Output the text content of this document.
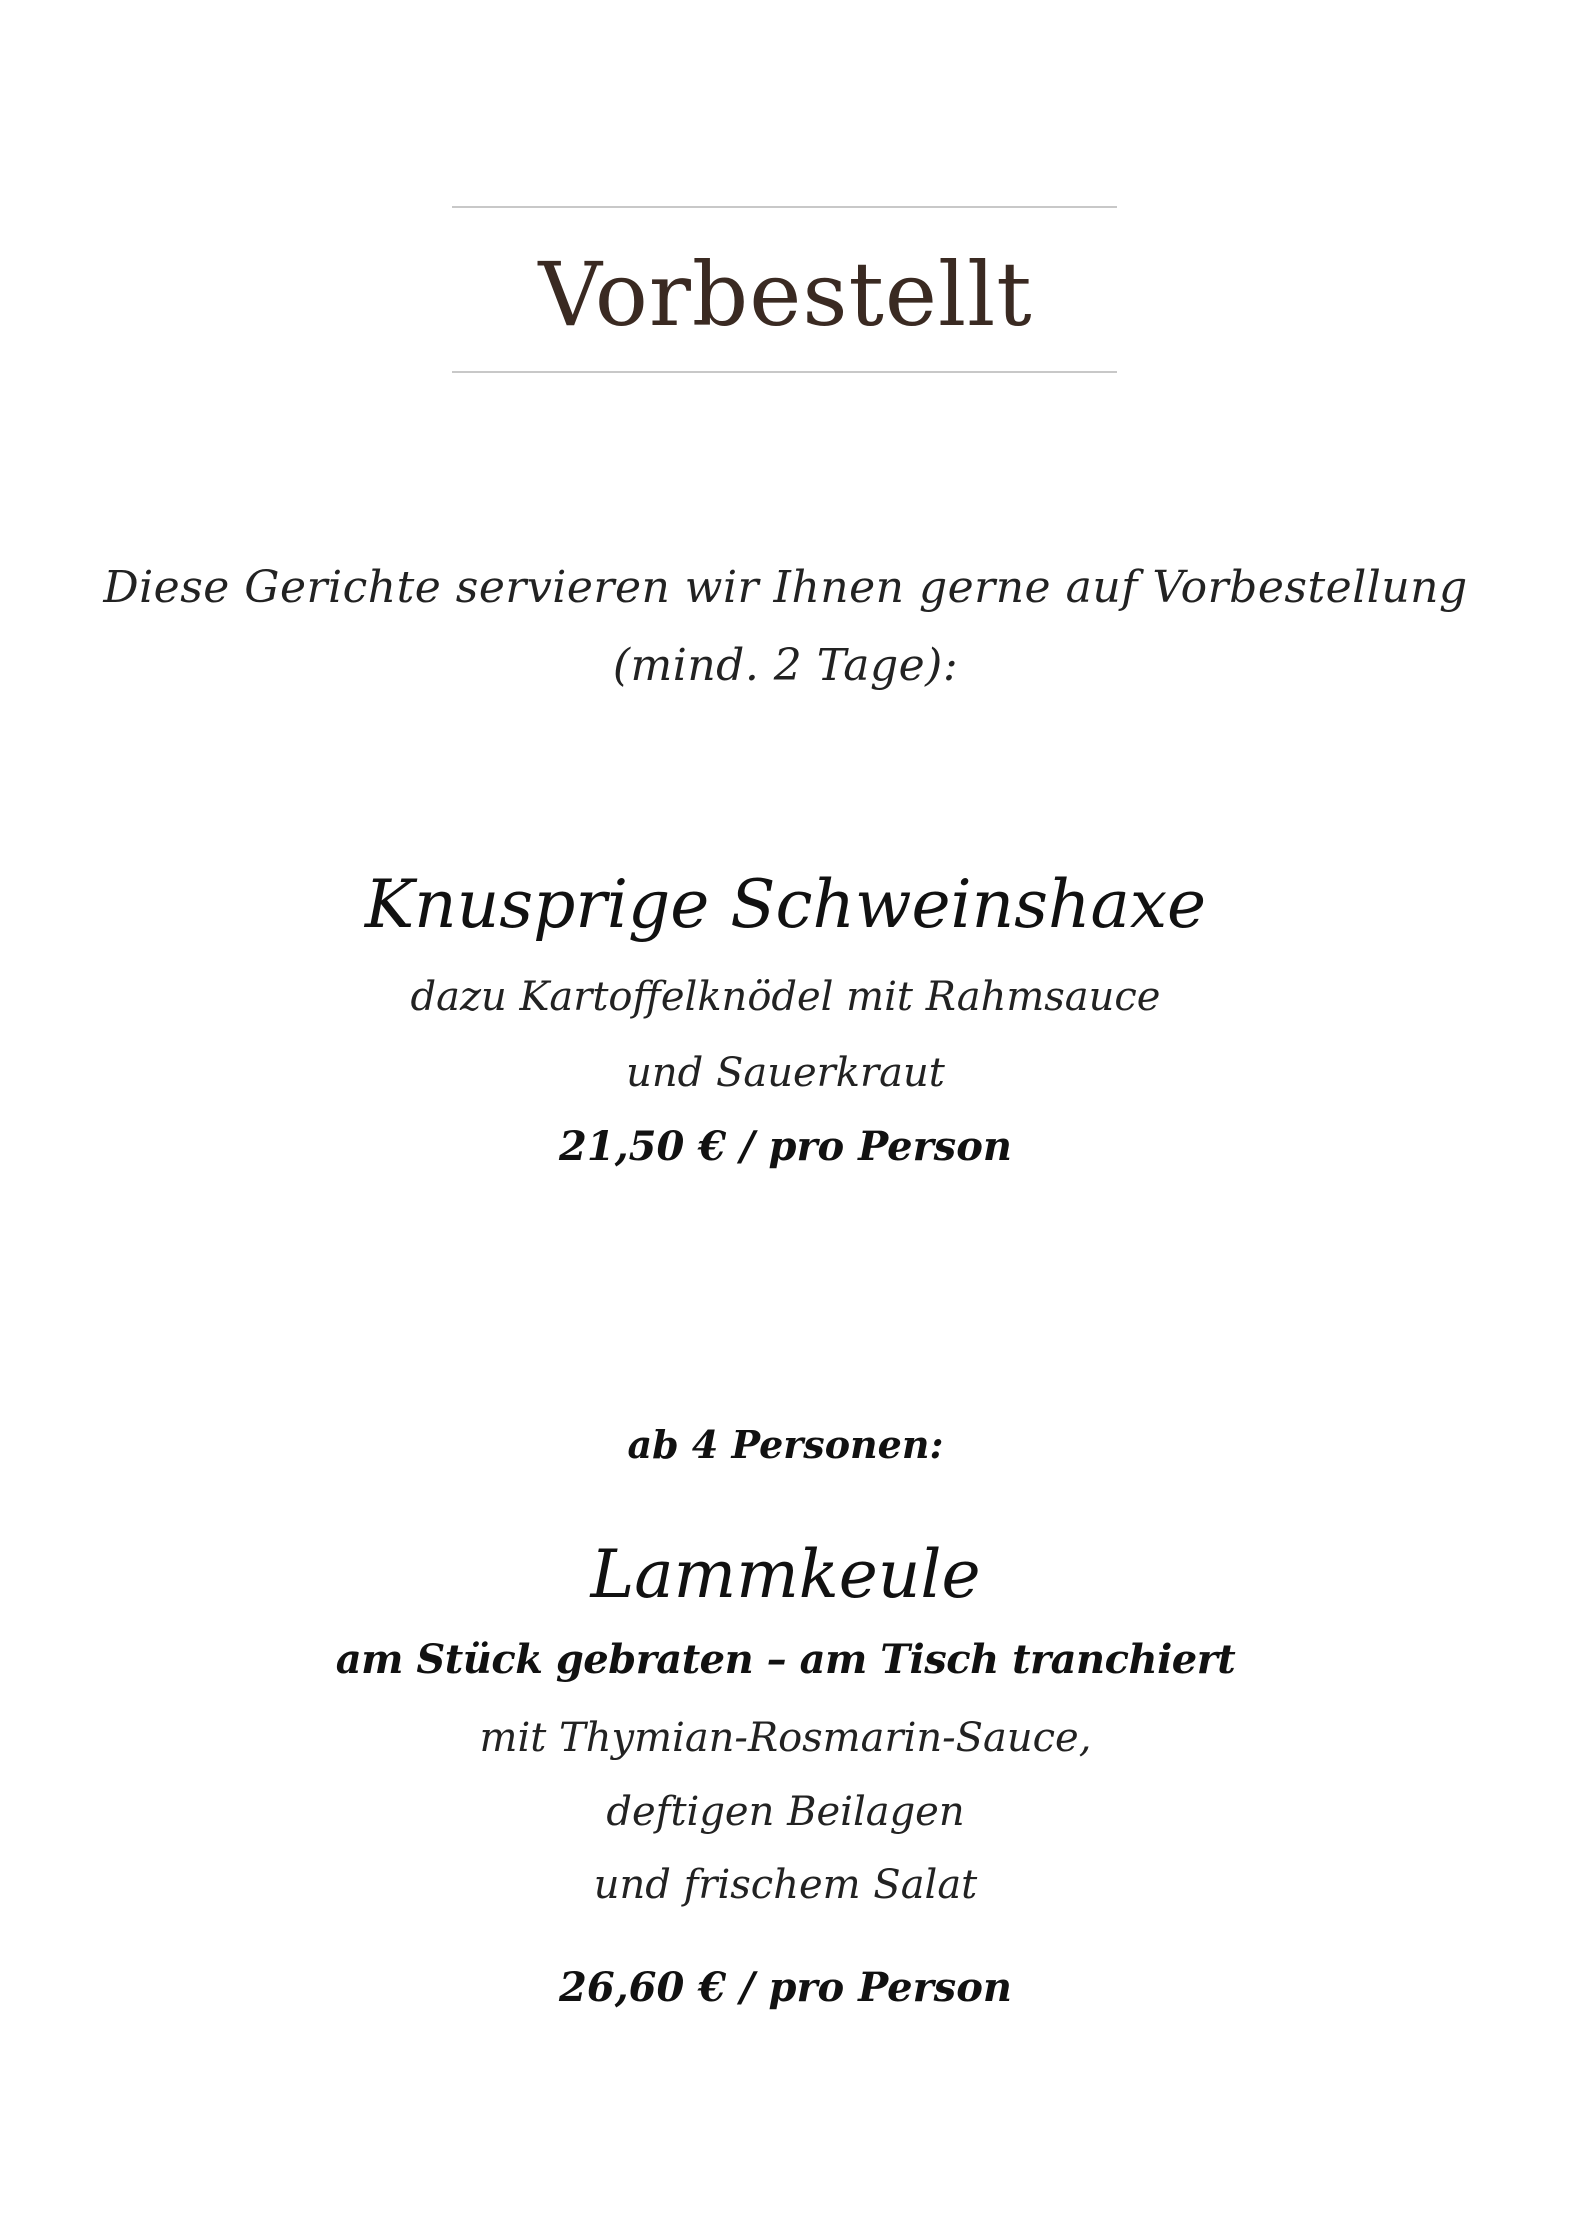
Vorbestellt
Diese Gerichte servieren wir Ihnen gerne auf Vorbestellung
(mind. 2 Tage):
Knusprige Schweinshaxe
dazu Kartoffelknödel mit Rahmsauce
und Sauerkraut
21,50 € / pro Person
ab 4 Personen:
Lammkeule
am Stück gebraten – am Tisch tranchiert
mit Thymian-Rosmarin-Sauce,
deftigen Beilagen
und frischem Salat
26,60 € / pro Person
